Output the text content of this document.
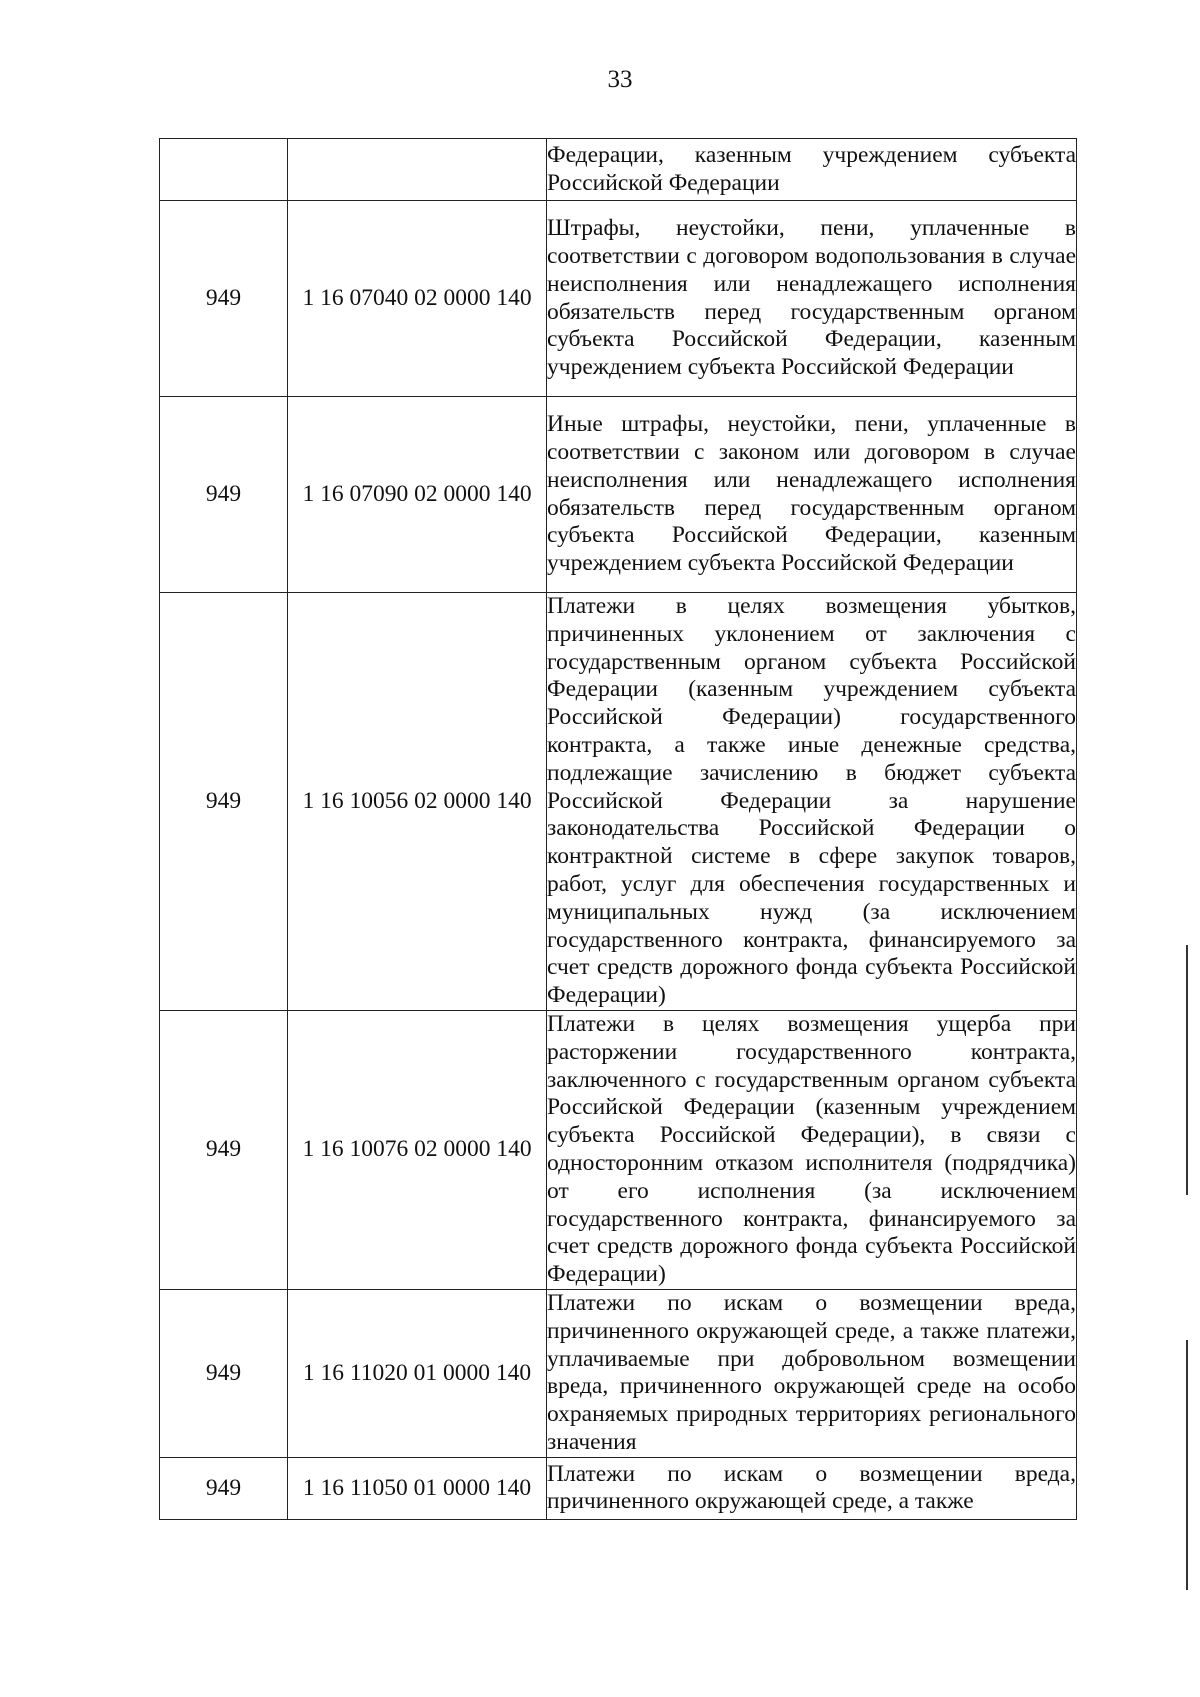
33

		Федерации, казенным учреждением субъекта Российской Федерации

949	1 16 07040 02 0000 140	Штрафы, неустойки, пени, уплаченные в соответствии с договором водопользования в случае неисполнения или ненадлежащего исполнения обязательств перед государственным органом субъекта Российской Федерации, казенным учреждением субъекта Российской Федерации

949	1 16 07090 02 0000 140	Иные штрафы, неустойки, пени, уплаченные в соответствии с законом или договором в случае неисполнения или ненадлежащего исполнения обязательств перед государственным органом субъекта Российской Федерации, казенным учреждением субъекта Российской Федерации

949	1 16 10056 02 0000 140	Платежи в целях возмещения убытков, причиненных уклонением от заключения с государственным органом субъекта Российской Федерации (казенным учреждением субъекта Российской Федерации) государственного контракта, а также иные денежные средства, подлежащие зачислению в бюджет субъекта Российской Федерации за нарушение законодательства Российской Федерации о контрактной системе в сфере закупок товаров, работ, услуг для обеспечения государственных и муниципальных нужд (за исключением государственного контракта, финансируемого за счет средств дорожного фонда субъекта Российской Федерации)

949	1 16 10076 02 0000 140	Платежи в целях возмещения ущерба при расторжении государственного контракта, заключенного с государственным органом субъекта Российской Федерации (казенным учреждением субъекта Российской Федерации), в связи с односторонним отказом исполнителя (подрядчика) от его исполнения (за исключением государственного контракта, финансируемого за счет средств дорожного фонда субъекта Российской Федерации)

949	1 16 11020 01 0000 140	Платежи по искам о возмещении вреда, причиненного окружающей среде, а также платежи, уплачиваемые при добровольном возмещении вреда, причиненного окружающей среде на особо охраняемых природных территориях регионального значения

949	1 16 11050 01 0000 140	Платежи по искам о возмещении вреда, причиненного окружающей среде, а также
